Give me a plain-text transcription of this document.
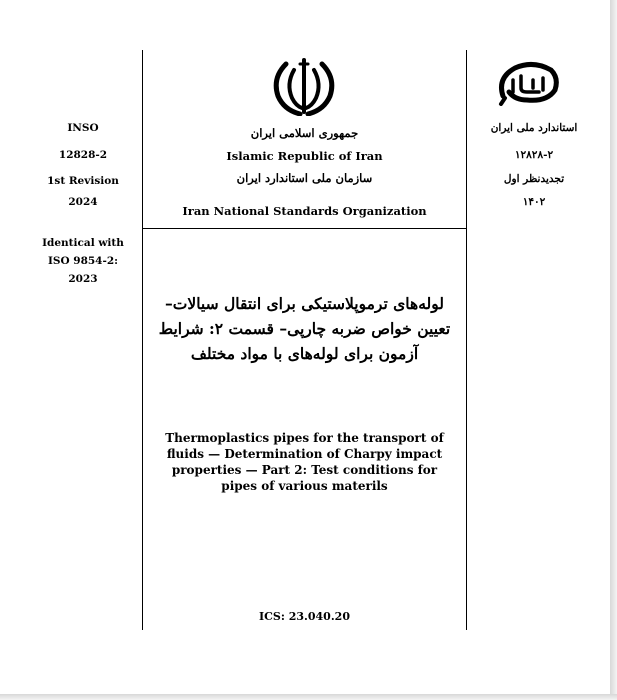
INSO
12828-2
1st Revision
2024
Identical with
ISO 9854-2:
2023
استاندارد ملی ایران
۱۲۸۲۸-۲
تجدیدنظر اول
۱۴۰۲
جمهوری اسلامی ایران
Islamic Republic of Iran
سازمان ملی استاندارد ایران
Iran National Standards Organization
لوله‌های ترموپلاستیکی برای انتقال سیالات–
تعیین خواص ضربه چارپی– قسمت ۲: شرایط
آزمون برای لوله‌های با مواد مختلف
Thermoplastics pipes for the transport of
fluids — Determination of Charpy impact
properties — Part 2: Test conditions for
pipes of various materils
ICS: 23.040.20
